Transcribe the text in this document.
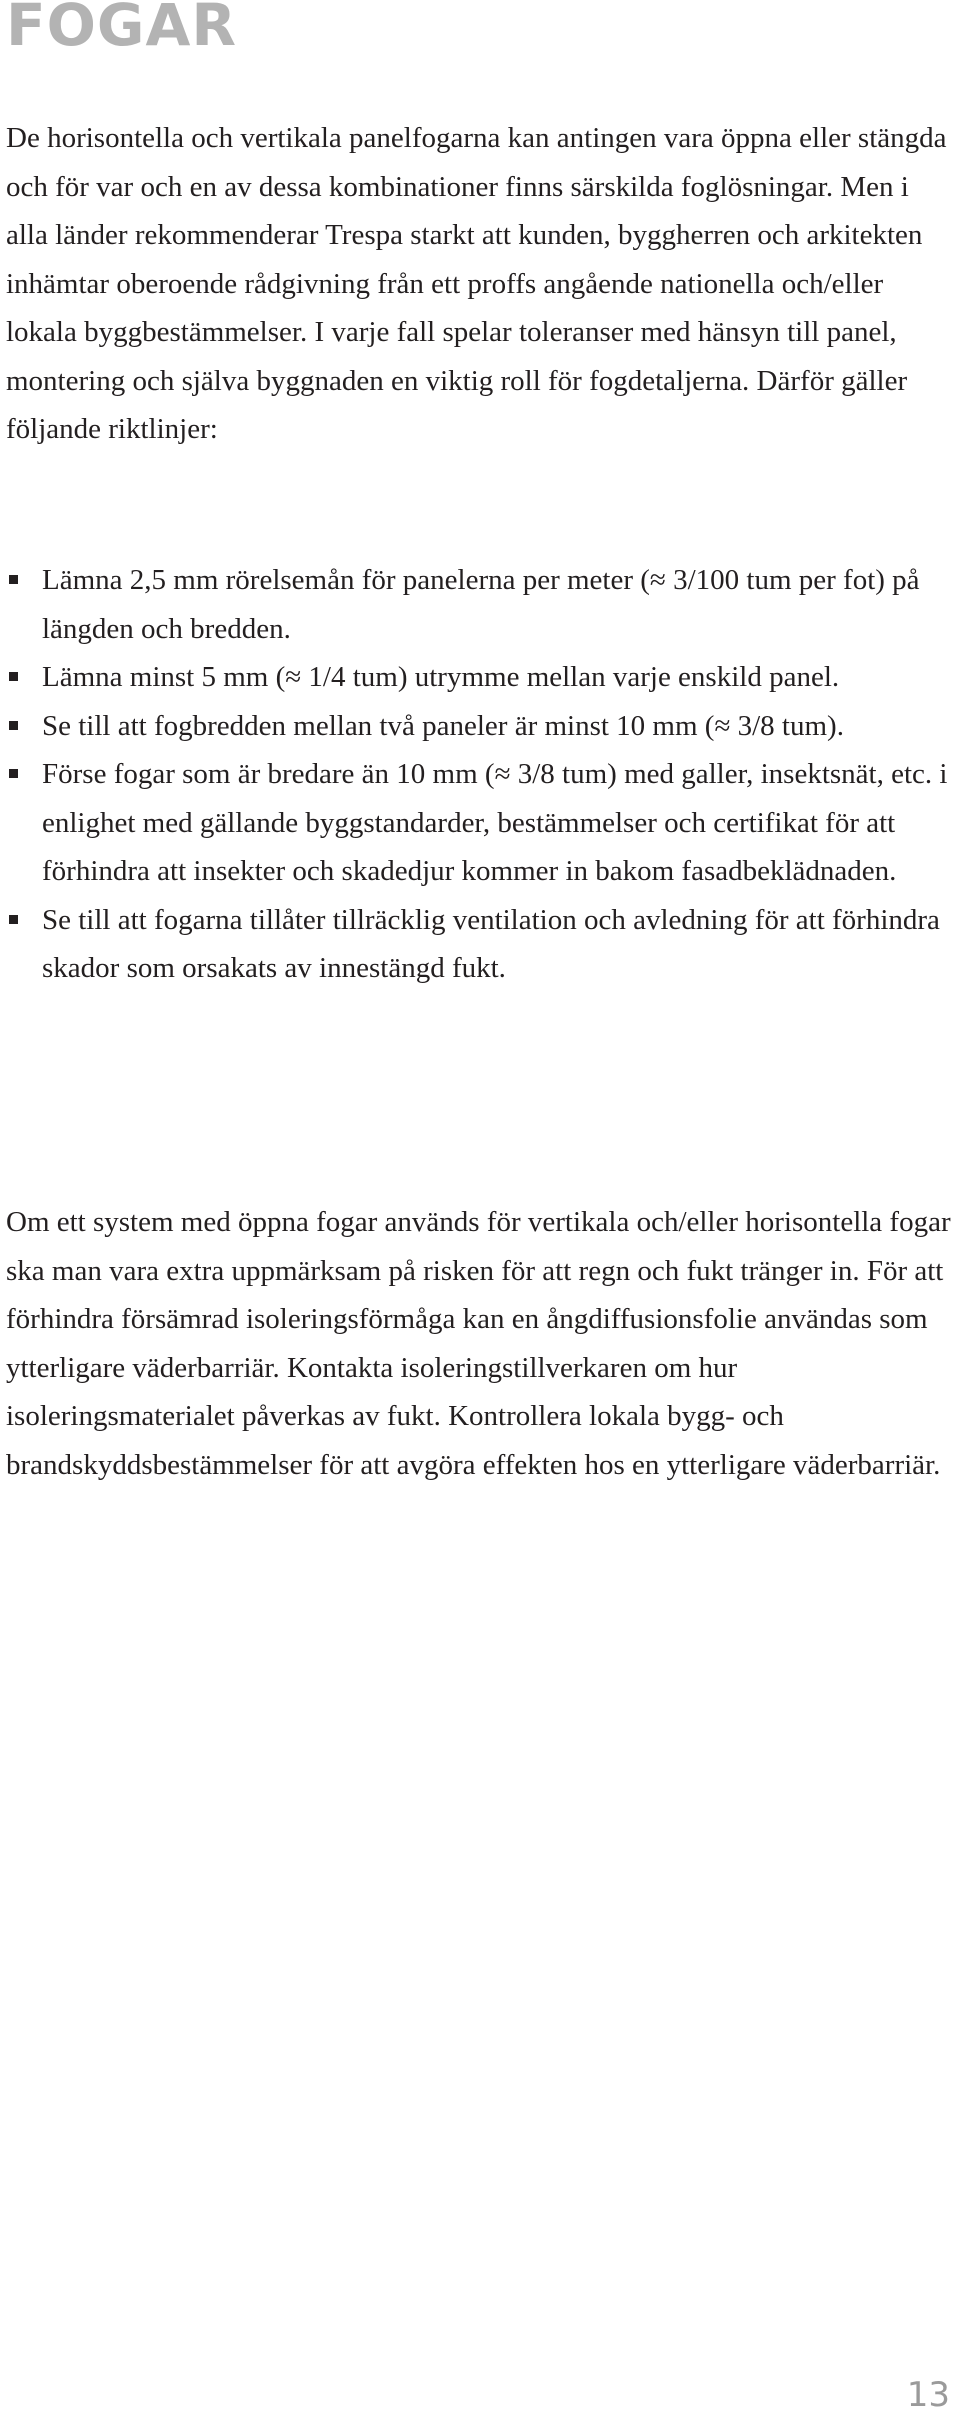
FOGAR

De horisontella och vertikala panelfogarna kan antingen vara öppna eller stängda och för var och en av dessa kombinationer finns särskilda foglösningar. Men i alla länder rekommenderar Trespa starkt att kunden, byggherren och arkitekten inhämtar oberoende rådgivning från ett proffs angående nationella och/eller lokala byggbestämmelser. I varje fall spelar toleranser med hänsyn till panel, montering och själva byggnaden en viktig roll för fogdetaljerna. Därför gäller följande riktlinjer:

Lämna 2,5 mm rörelsemån för panelerna per meter (≈ 3/100 tum per fot) på längden och bredden.
Lämna minst 5 mm (≈ 1/4 tum) utrymme mellan varje enskild panel.
Se till att fogbredden mellan två paneler är minst 10 mm (≈ 3/8 tum).
Förse fogar som är bredare än 10 mm (≈ 3/8 tum) med galler, insektsnät, etc. i enlighet med gällande byggstandarder, bestämmelser och certifikat för att förhindra att insekter och skadedjur kommer in bakom fasadbeklädnaden.
Se till att fogarna tillåter tillräcklig ventilation och avledning för att förhindra skador som orsakats av innestängd fukt.

Om ett system med öppna fogar används för vertikala och/eller horisontella fogar ska man vara extra uppmärksam på risken för att regn och fukt tränger in. För att förhindra försämrad isoleringsförmåga kan en ångdiffusionsfolie användas som ytterligare väderbarriär. Kontakta isoleringstillverkaren om hur isoleringsmaterialet påverkas av fukt. Kontrollera lokala bygg- och brandskyddsbestämmelser för att avgöra effekten hos en ytterligare väderbarriär.

13
